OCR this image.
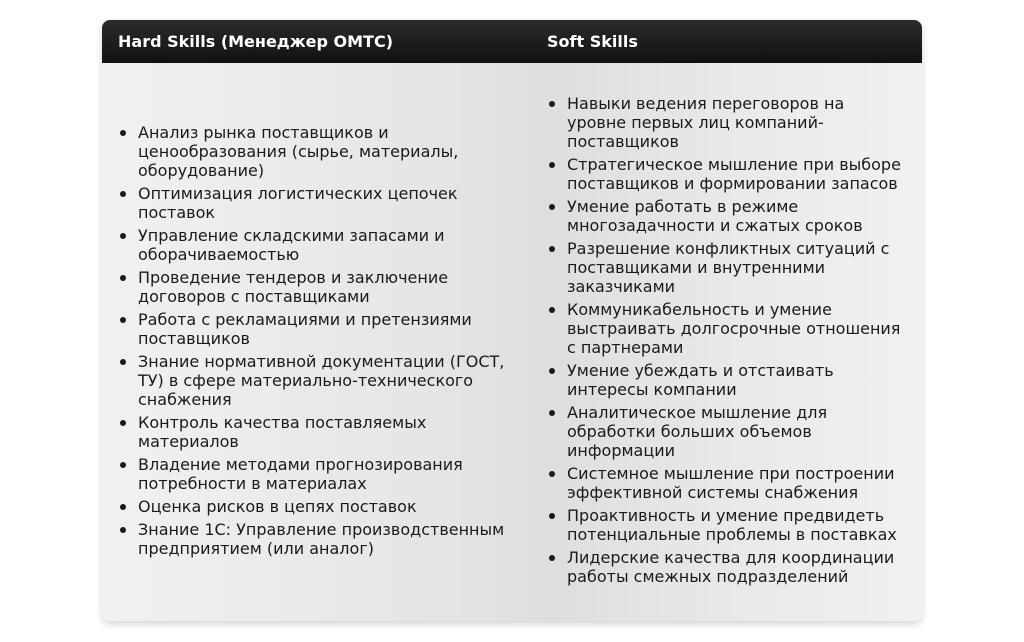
Hard Skills (Менеджер ОМТС)	Soft Skills
Анализ рынка поставщиков и ценообразования (сырье, материалы, оборудование)
Оптимизация логистических цепочек поставок
Управление складскими запасами и оборачиваемостью
Проведение тендеров и заключение договоров с поставщиками
Работа с рекламациями и претензиями поставщиков
Знание нормативной документации (ГОСТ, ТУ) в сфере материально-технического снабжения
Контроль качества поставляемых материалов
Владение методами прогнозирования потребности в материалах
Оценка рисков в цепях поставок
Знание 1С: Управление производственным предприятием (или аналог)
Навыки ведения переговоров на уровне первых лиц компаний-поставщиков
Стратегическое мышление при выборе поставщиков и формировании запасов
Умение работать в режиме многозадачности и сжатых сроков
Разрешение конфликтных ситуаций с поставщиками и внутренними заказчиками
Коммуникабельность и умение выстраивать долгосрочные отношения с партнерами
Умение убеждать и отстаивать интересы компании
Аналитическое мышление для обработки больших объемов информации
Системное мышление при построении эффективной системы снабжения
Проактивность и умение предвидеть потенциальные проблемы в поставках
Лидерские качества для координации работы смежных подразделений
